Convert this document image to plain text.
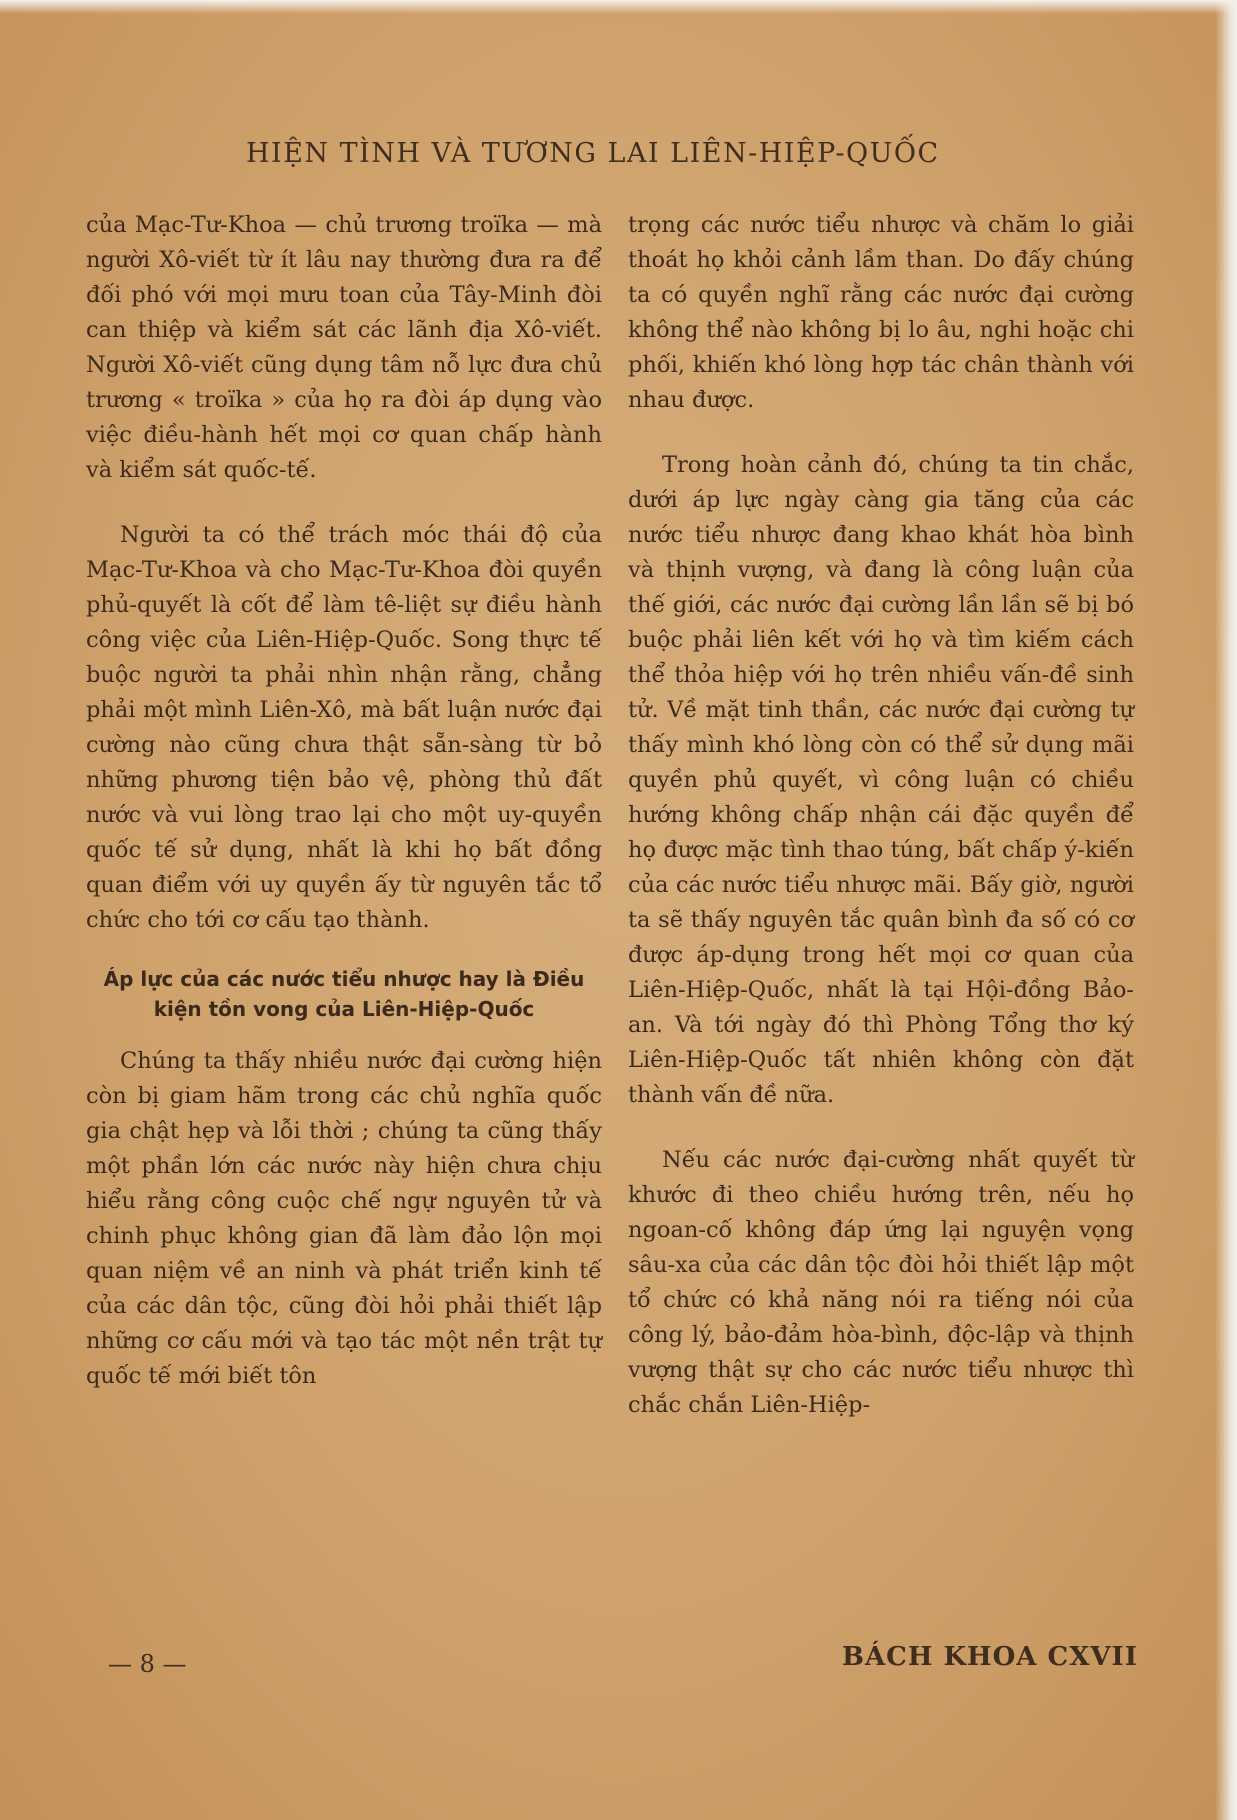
HIỆN TÌNH VÀ TƯƠNG LAI LIÊN-HIỆP-QUỐC

của Mạc-Tư-Khoa — chủ trương troïka — mà người Xô-viết từ ít lâu nay thường đưa ra để đối phó với mọi mưu toan của Tây-Minh đòi can thiệp và kiểm sát các lãnh địa Xô-viết. Người Xô-viết cũng dụng tâm nỗ lực đưa chủ trương « troïka » của họ ra đòi áp dụng vào việc điều-hành hết mọi cơ quan chấp hành và kiểm sát quốc-tế.

Người ta có thể trách móc thái độ của Mạc-Tư-Khoa và cho Mạc-Tư-Khoa đòi quyền phủ-quyết là cốt để làm tê-liệt sự điều hành công việc của Liên-Hiệp-Quốc. Song thực tế buộc người ta phải nhìn nhận rằng, chẳng phải một mình Liên-Xô, mà bất luận nước đại cường nào cũng chưa thật sẵn-sàng từ bỏ những phương tiện bảo vệ, phòng thủ đất nước và vui lòng trao lại cho một uy-quyền quốc tế sử dụng, nhất là khi họ bất đồng quan điểm với uy quyền ấy từ nguyên tắc tổ chức cho tới cơ cấu tạo thành.

Áp lực của các nước tiểu nhược hay là Điều kiện tồn vong của Liên-Hiệp-Quốc

Chúng ta thấy nhiều nước đại cường hiện còn bị giam hãm trong các chủ nghĩa quốc gia chật hẹp và lỗi thời ; chúng ta cũng thấy một phần lớn các nước này hiện chưa chịu hiểu rằng công cuộc chế ngự nguyên tử và chinh phục không gian đã làm đảo lộn mọi quan niệm về an ninh và phát triển kinh tế của các dân tộc, cũng đòi hỏi phải thiết lập những cơ cấu mới và tạo tác một nền trật tự quốc tế mới biết tôn

trọng các nước tiểu nhược và chăm lo giải thoát họ khỏi cảnh lầm than. Do đấy chúng ta có quyền nghĩ rằng các nước đại cường không thể nào không bị lo âu, nghi hoặc chi phối, khiến khó lòng hợp tác chân thành với nhau được.

Trong hoàn cảnh đó, chúng ta tin chắc, dưới áp lực ngày càng gia tăng của các nước tiểu nhược đang khao khát hòa bình và thịnh vượng, và đang là công luận của thế giới, các nước đại cường lần lần sẽ bị bó buộc phải liên kết với họ và tìm kiếm cách thể thỏa hiệp với họ trên nhiều vấn-đề sinh tử. Về mặt tinh thần, các nước đại cường tự thấy mình khó lòng còn có thể sử dụng mãi quyền phủ quyết, vì công luận có chiều hướng không chấp nhận cái đặc quyền để họ được mặc tình thao túng, bất chấp ý-kiến của các nước tiểu nhược mãi. Bấy giờ, người ta sẽ thấy nguyên tắc quân bình đa số có cơ được áp-dụng trong hết mọi cơ quan của Liên-Hiệp-Quốc, nhất là tại Hội-đồng Bảo-an. Và tới ngày đó thì Phòng Tổng thơ ký Liên-Hiệp-Quốc tất nhiên không còn đặt thành vấn đề nữa.

Nếu các nước đại-cường nhất quyết từ khước đi theo chiều hướng trên, nếu họ ngoan-cố không đáp ứng lại nguyện vọng sâu-xa của các dân tộc đòi hỏi thiết lập một tổ chức có khả năng nói ra tiếng nói của công lý, bảo-đảm hòa-bình, độc-lập và thịnh vượng thật sự cho các nước tiểu nhược thì chắc chắn Liên-Hiệp-

— 8 —	BÁCH KHOA CXVII
